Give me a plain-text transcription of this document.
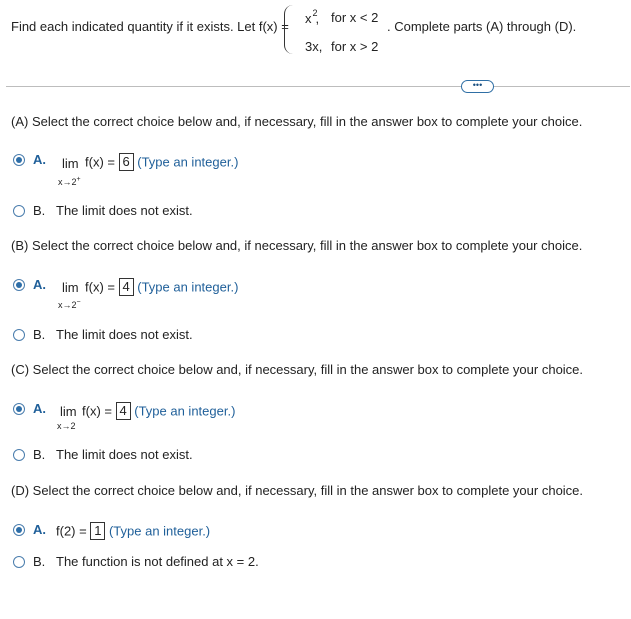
Find each indicated quantity if it exists. Let f(x) =
$x^2$, for x < 2
3x, for x > 2
. Complete parts (A) through (D).
•••
(A) Select the correct choice below and, if necessary, fill in the answer box to complete your choice.
A. lim f(x) = 6 (Type an integer.)
x→2+
B. The limit does not exist.
(B) Select the correct choice below and, if necessary, fill in the answer box to complete your choice.
A. lim f(x) = 4 (Type an integer.)
x→2−
B. The limit does not exist.
(C) Select the correct choice below and, if necessary, fill in the answer box to complete your choice.
A. lim f(x) = 4 (Type an integer.)
x→2
B. The limit does not exist.
(D) Select the correct choice below and, if necessary, fill in the answer box to complete your choice.
A. f(2) = 1 (Type an integer.)
B. The function is not defined at x = 2.
